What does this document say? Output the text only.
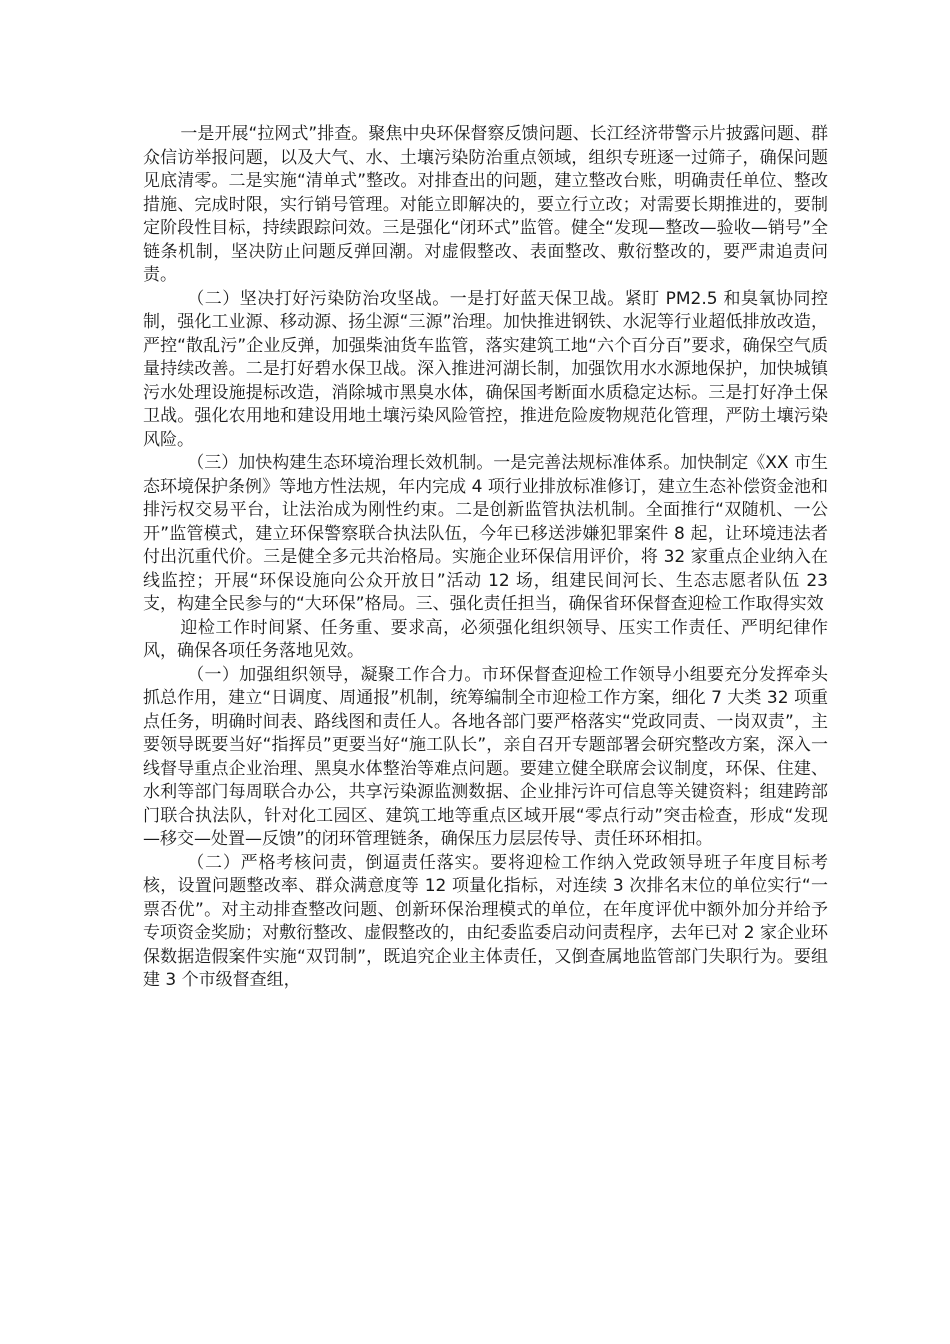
一是开展“拉网式”排查。聚焦中央环保督察反馈问题、长江经济带警示片披露问题、群众信访举报问题，以及大气、水、土壤污染防治重点领域，组织专班逐一过筛子，确保问题见底清零。二是实施“清单式”整改。对排查出的问题，建立整改台账，明确责任单位、整改措施、完成时限，实行销号管理。对能立即解决的，要立行立改；对需要长期推进的，要制定阶段性目标，持续跟踪问效。三是强化“闭环式”监管。健全“发现—整改—验收—销号”全链条机制，坚决防止问题反弹回潮。对虚假整改、表面整改、敷衍整改的，要严肃追责问责。

（二）坚决打好污染防治攻坚战。一是打好蓝天保卫战。紧盯 PM2.5 和臭氧协同控制，强化工业源、移动源、扬尘源“三源”治理。加快推进钢铁、水泥等行业超低排放改造，严控“散乱污”企业反弹，加强柴油货车监管，落实建筑工地“六个百分百”要求，确保空气质量持续改善。二是打好碧水保卫战。深入推进河湖长制，加强饮用水水源地保护，加快城镇污水处理设施提标改造，消除城市黑臭水体，确保国考断面水质稳定达标。三是打好净土保卫战。强化农用地和建设用地土壤污染风险管控，推进危险废物规范化管理，严防土壤污染风险。

（三）加快构建生态环境治理长效机制。一是完善法规标准体系。加快制定《XX 市生态环境保护条例》等地方性法规，年内完成 4 项行业排放标准修订，建立生态补偿资金池和排污权交易平台，让法治成为刚性约束。二是创新监管执法机制。全面推行“双随机、一公开”监管模式，建立环保警察联合执法队伍，今年已移送涉嫌犯罪案件 8 起，让环境违法者付出沉重代价。三是健全多元共治格局。实施企业环保信用评价，将 32 家重点企业纳入在线监控；开展“环保设施向公众开放日”活动 12 场，组建民间河长、生态志愿者队伍 23 支，构建全民参与的“大环保”格局。三、强化责任担当，确保省环保督查迎检工作取得实效

迎检工作时间紧、任务重、要求高，必须强化组织领导、压实工作责任、严明纪律作风，确保各项任务落地见效。

（一）加强组织领导，凝聚工作合力。市环保督查迎检工作领导小组要充分发挥牵头抓总作用，建立“日调度、周通报”机制，统筹编制全市迎检工作方案，细化 7 大类 32 项重点任务，明确时间表、路线图和责任人。各地各部门要严格落实“党政同责、一岗双责”，主要领导既要当好“指挥员”更要当好“施工队长”，亲自召开专题部署会研究整改方案，深入一线督导重点企业治理、黑臭水体整治等难点问题。要建立健全联席会议制度，环保、住建、水利等部门每周联合办公，共享污染源监测数据、企业排污许可信息等关键资料；组建跨部门联合执法队，针对化工园区、建筑工地等重点区域开展“零点行动”突击检查，形成“发现—移交—处置—反馈”的闭环管理链条，确保压力层层传导、责任环环相扣。

（二）严格考核问责，倒逼责任落实。要将迎检工作纳入党政领导班子年度目标考核，设置问题整改率、群众满意度等 12 项量化指标，对连续 3 次排名末位的单位实行“一票否优”。对主动排查整改问题、创新环保治理模式的单位，在年度评优中额外加分并给予专项资金奖励；对敷衍整改、虚假整改的，由纪委监委启动问责程序，去年已对 2 家企业环保数据造假案件实施“双罚制”，既追究企业主体责任，又倒查属地监管部门失职行为。要组建 3 个市级督查组，
